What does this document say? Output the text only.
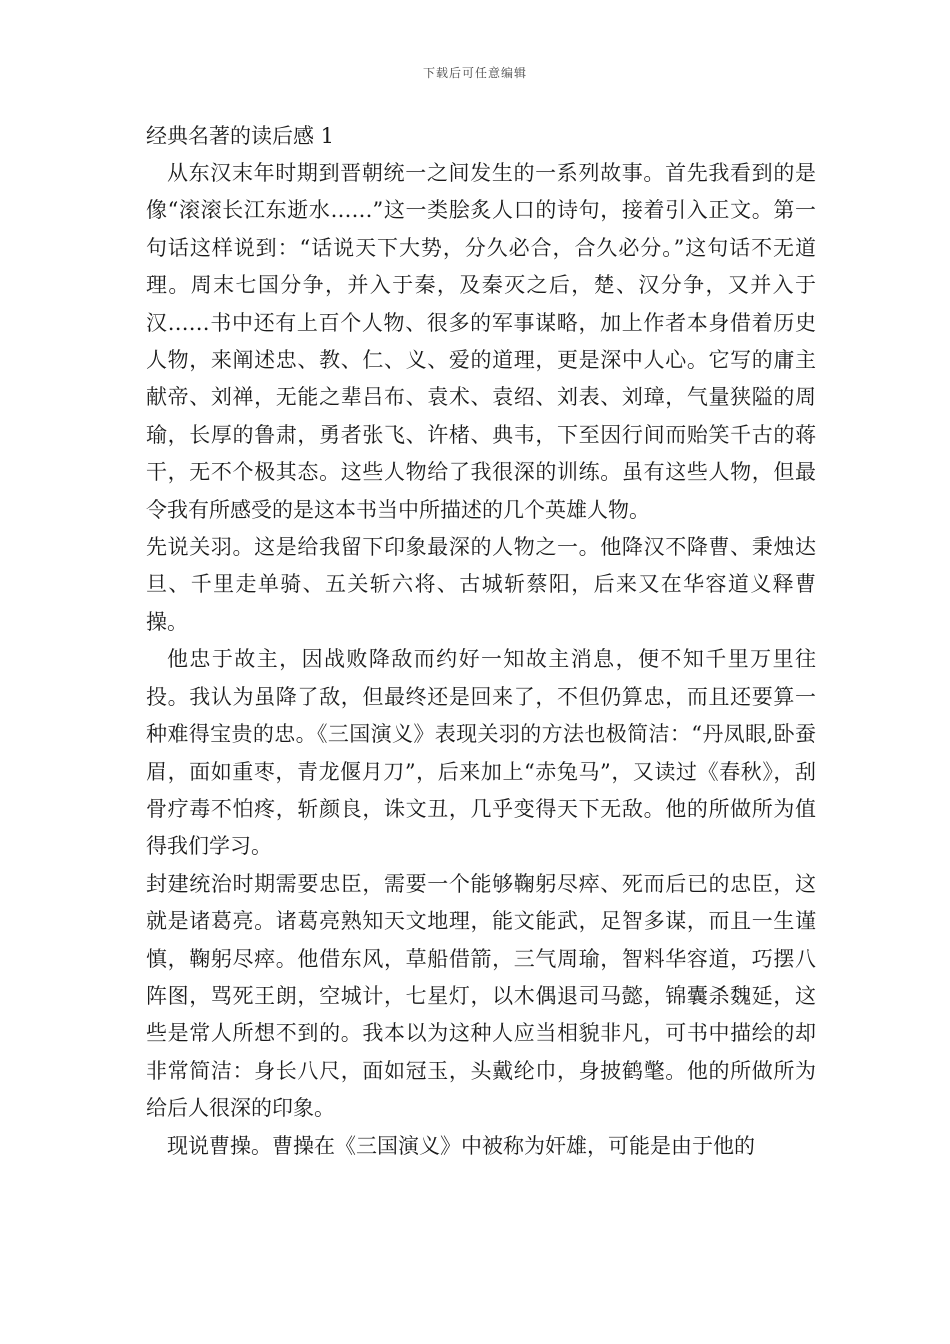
下载后可任意编辑
经典名著的读后感 1

从东汉末年时期到晋朝统一之间发生的一系列故事。首先我看到的是像“滚滚长江东逝水……”这一类脍炙人口的诗句，接着引入正文。第一句话这样说到：“话说天下大势，分久必合，合久必分。”这句话不无道理。周末七国分争，并入于秦，及秦灭之后，楚、汉分争，又并入于汉……书中还有上百个人物、很多的军事谋略，加上作者本身借着历史人物，来阐述忠、教、仁、义、爱的道理，更是深中人心。它写的庸主献帝、刘禅，无能之辈吕布、袁术、袁绍、刘表、刘璋，气量狭隘的周瑜，长厚的鲁肃，勇者张飞、许楮、典韦，下至因行间而贻笑千古的蒋干，无不个极其态。这些人物给了我很深的训练。虽有这些人物，但最令我有所感受的是这本书当中所描述的几个英雄人物。

先说关羽。这是给我留下印象最深的人物之一。他降汉不降曹、秉烛达旦、千里走单骑、五关斩六将、古城斩蔡阳，后来又在华容道义释曹操。

他忠于故主，因战败降敌而约好一知故主消息，便不知千里万里往投。我认为虽降了敌，但最终还是回来了，不但仍算忠，而且还要算一种难得宝贵的忠。《三国演义》表现关羽的方法也极简洁：“丹凤眼,卧蚕眉，面如重枣，青龙偃月刀”，后来加上“赤兔马”，又读过《春秋》，刮骨疗毒不怕疼，斩颜良，诛文丑，几乎变得天下无敌。他的所做所为值得我们学习。

封建统治时期需要忠臣，需要一个能够鞠躬尽瘁、死而后已的忠臣，这就是诸葛亮。诸葛亮熟知天文地理，能文能武，足智多谋，而且一生谨慎，鞠躬尽瘁。他借东风，草船借箭，三气周瑜，智料华容道，巧摆八阵图，骂死王朗，空城计，七星灯，以木偶退司马懿，锦囊杀魏延，这些是常人所想不到的。我本以为这种人应当相貌非凡，可书中描绘的却非常简洁：身长八尺，面如冠玉，头戴纶巾，身披鹤氅。他的所做所为给后人很深的印象。

现说曹操。曹操在《三国演义》中被称为奸雄，可能是由于他的
